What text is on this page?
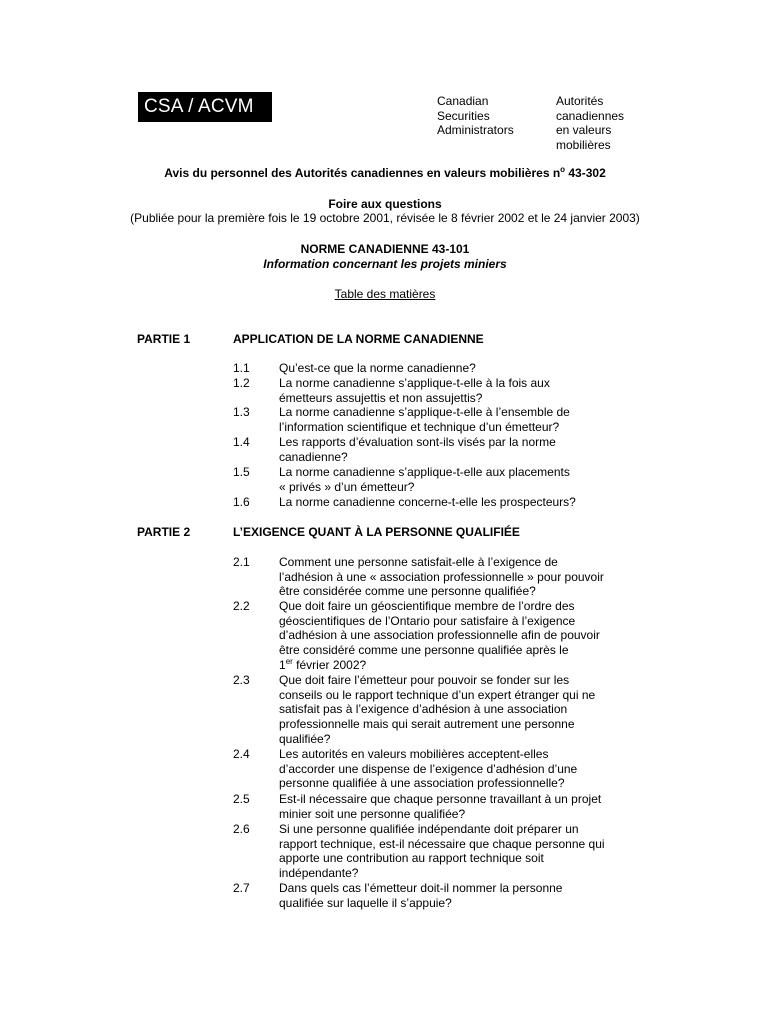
CSA / ACVM	Canadian
Securities
Administrators
Autorités
canadiennes
en valeurs
mobilières
Avis du personnel des Autorités canadiennes en valeurs mobilières $n^o$ 43-302
Foire aux questions
(Publiée pour la première fois le 19 octobre 2001, révisée le 8 février 2002 et le 24 janvier 2003)
NORME CANADIENNE 43-101
Information concernant les projets miniers
Table des matières
PARTIE 1	APPLICATION DE LA NORME CANADIENNE
1.1 Qu’est-ce que la norme canadienne?
1.2 La norme canadienne s’applique-t-elle à la fois aux
émetteurs assujettis et non assujettis?
1.3 La norme canadienne s’applique-t-elle à l’ensemble de
l’information scientifique et technique d’un émetteur?
1.4 Les rapports d’évaluation sont-ils visés par la norme
canadienne?
1.5 La norme canadienne s’applique-t-elle aux placements
« privés » d’un émetteur?
1.6 La norme canadienne concerne-t-elle les prospecteurs?
PARTIE 2	L’EXIGENCE QUANT À LA PERSONNE QUALIFIÉE
2.1 Comment une personne satisfait-elle à l’exigence de
l’adhésion à une « association professionnelle » pour pouvoir
être considérée comme une personne qualifiée?
2.2 Que doit faire un géoscientifique membre de l’ordre des
géoscientifiques de l’Ontario pour satisfaire à l’exigence
d’adhésion à une association professionnelle afin de pouvoir
être considéré comme une personne qualifiée après le
1er février 2002?
2.3 Que doit faire l’émetteur pour pouvoir se fonder sur les
conseils ou le rapport technique d’un expert étranger qui ne
satisfait pas à l’exigence d’adhésion à une association
professionnelle mais qui serait autrement une personne
qualifiée?
2.4 Les autorités en valeurs mobilières acceptent-elles
d’accorder une dispense de l’exigence d’adhésion d’une
personne qualifiée à une association professionnelle?
2.5 Est-il nécessaire que chaque personne travaillant à un projet
minier soit une personne qualifiée?
2.6 Si une personne qualifiée indépendante doit préparer un
rapport technique, est-il nécessaire que chaque personne qui
apporte une contribution au rapport technique soit
indépendante?
2.7 Dans quels cas l’émetteur doit-il nommer la personne
qualifiée sur laquelle il s’appuie?
